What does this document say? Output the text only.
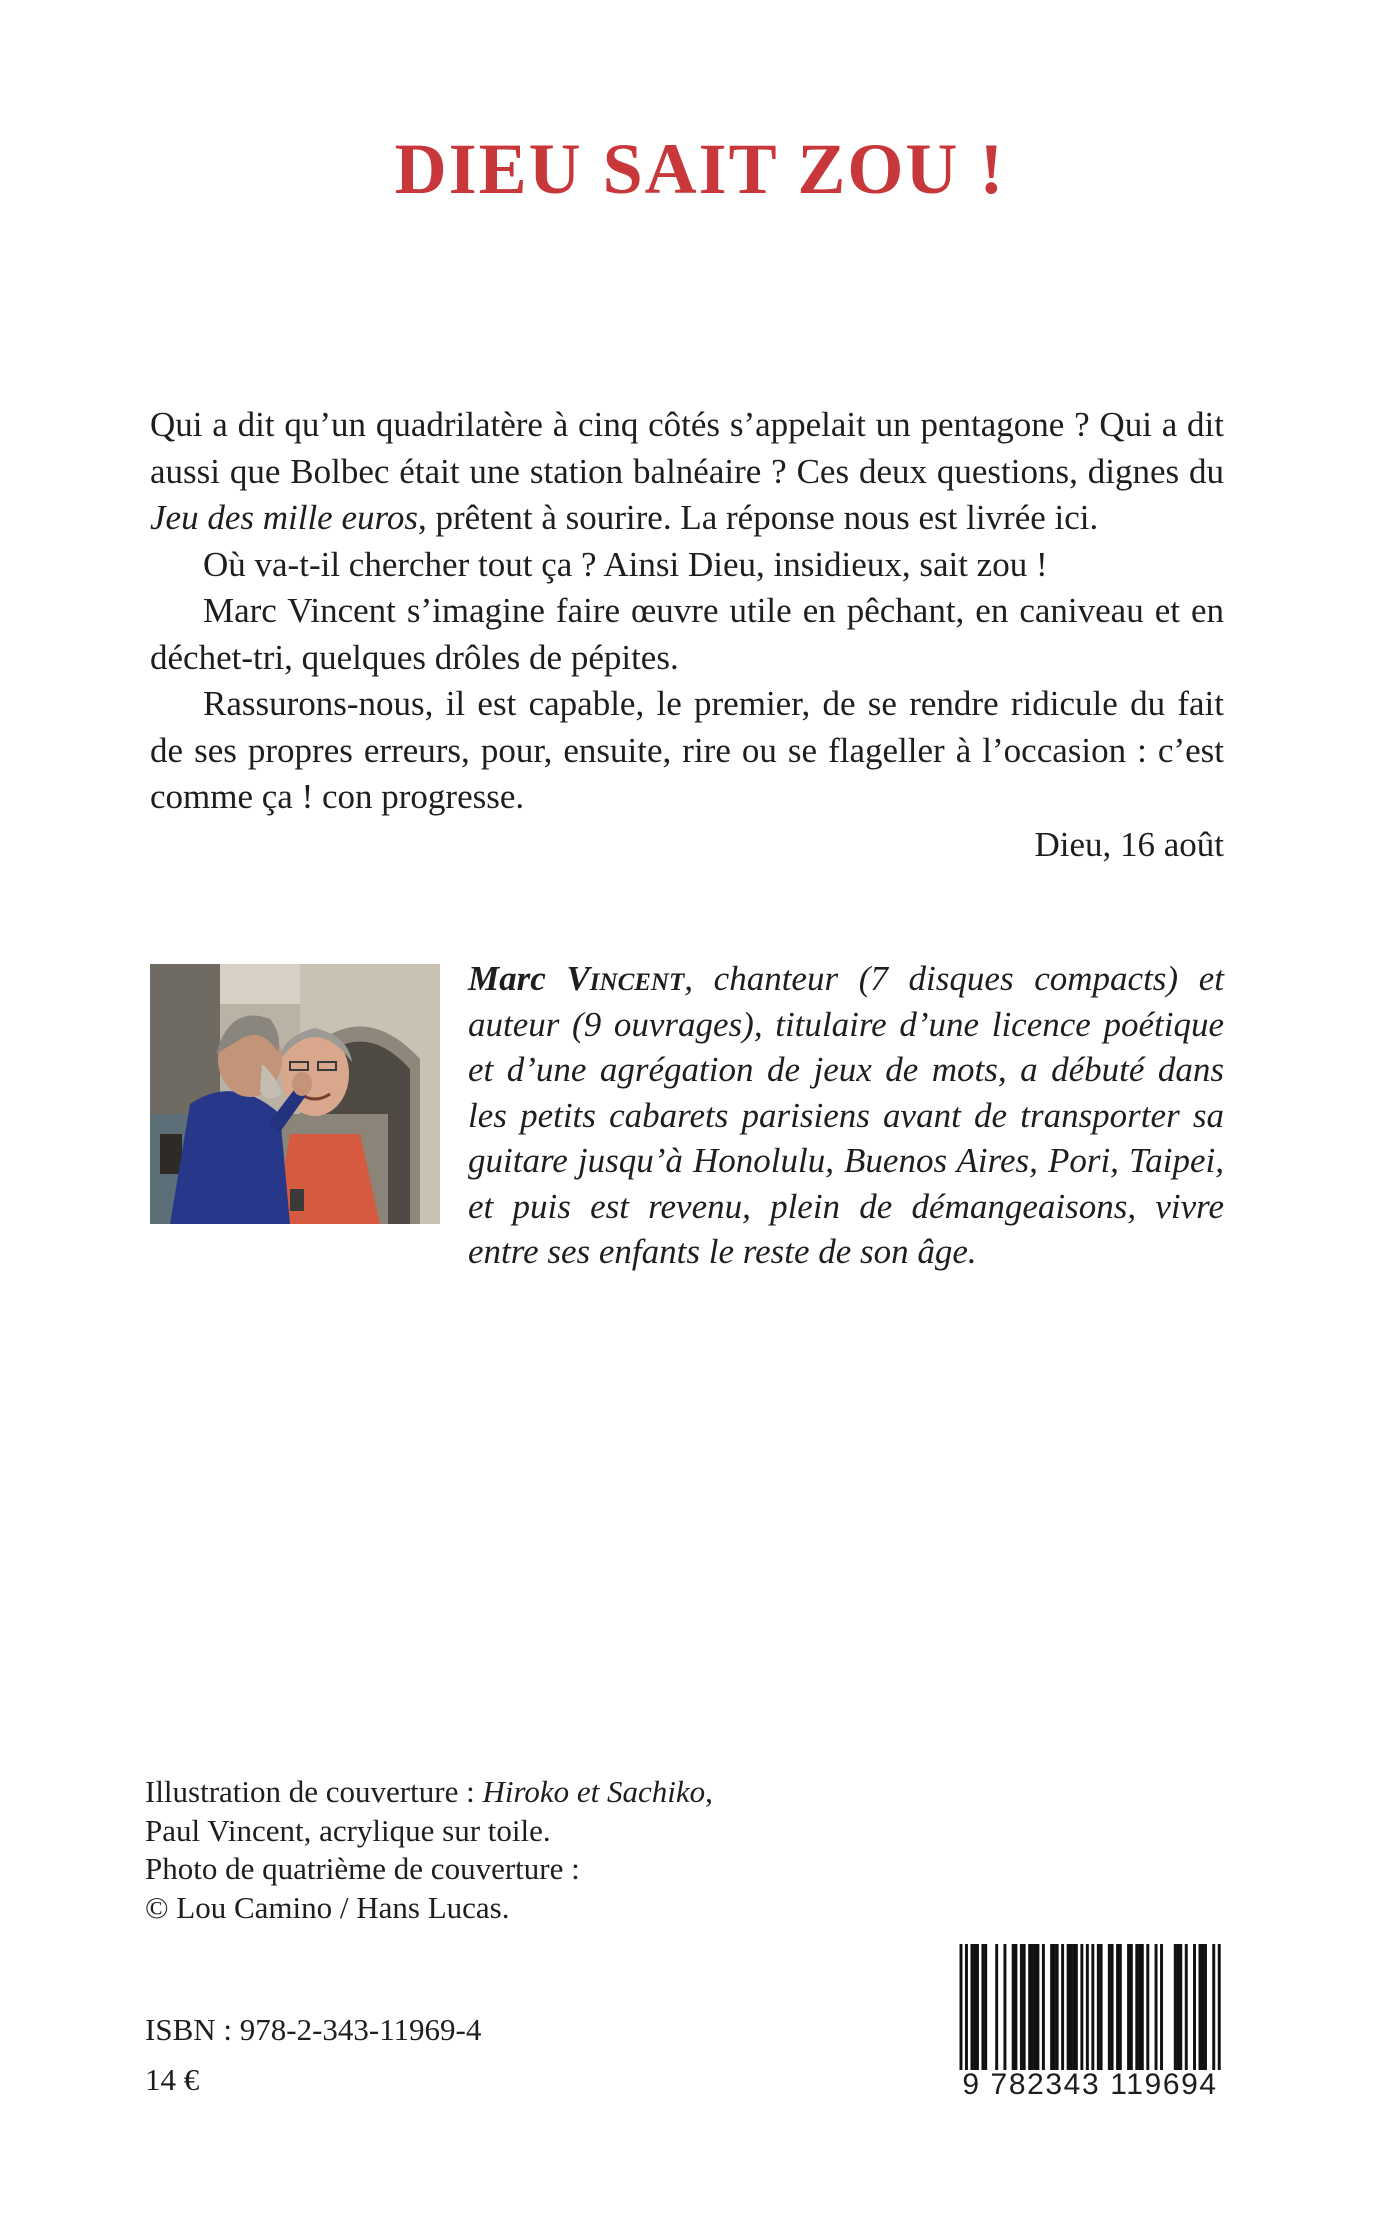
DIEU SAIT ZOU !

Qui a dit qu’un quadrilatère à cinq côtés s’appelait un pentagone ? Qui a dit aussi que Bolbec était une station balnéaire ? Ces deux questions, dignes du Jeu des mille euros, prêtent à sourire. La réponse nous est livrée ici.

Où va-t-il chercher tout ça ? Ainsi Dieu, insidieux, sait zou !

Marc Vincent s’imagine faire œuvre utile en pêchant, en caniveau et en déchet-tri, quelques drôles de pépites.

Rassurons-nous, il est capable, le premier, de se rendre ridicule du fait de ses propres erreurs, pour, ensuite, rire ou se flageller à l’occasion : c’est comme ça ! con progresse.

Dieu, 16 août

Marc Vincent, chanteur (7 disques compacts) et auteur (9 ouvrages), titulaire d’une licence poétique et d’une agrégation de jeux de mots, a débuté dans les petits cabarets parisiens avant de transporter sa guitare jusqu’à Honolulu, Buenos Aires, Pori, Taipei, et puis est revenu, plein de démangeaisons, vivre entre ses enfants le reste de son âge.
Illustration de couverture : Hiroko et Sachiko,
Paul Vincent, acrylique sur toile.
Photo de quatrième de couverture :
© Lou Camino / Hans Lucas.
ISBN : 978-2-343-11969-4
14 €	9 782343 119694
